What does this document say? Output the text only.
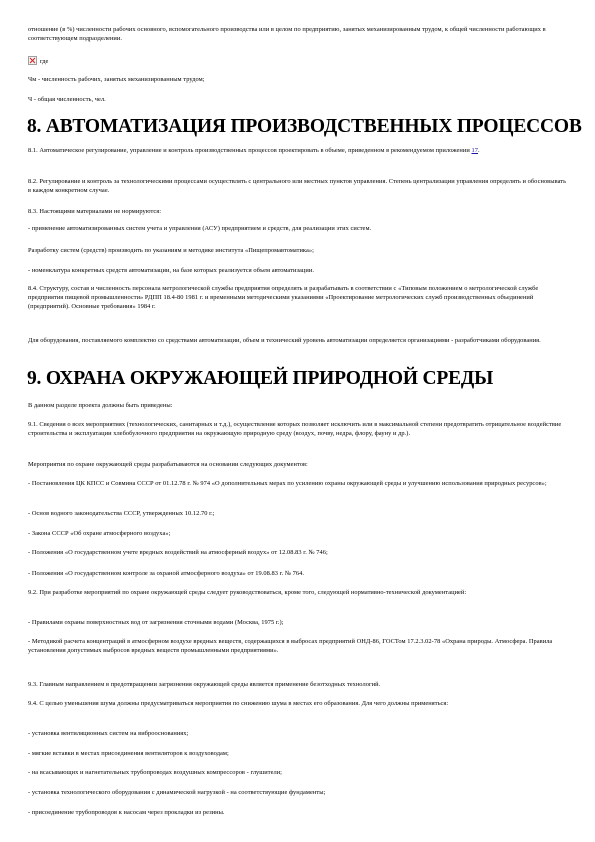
отношение (в %) численности рабочих основного, вспомогательного производства или в целом по предприятию, занятых механизированным трудом, к общей численности работающих в соответствующем подразделении.

где

Чм - численность рабочих, занятых механизированным трудом;

Ч - общая численность, чел.

8. АВТОМАТИЗАЦИЯ ПРОИЗВОДСТВЕННЫХ ПРОЦЕССОВ

8.1. Автоматическое регулирование, управление и контроль производственных процессов проектировать в объеме, приведенном в рекомендуемом приложении 17.

8.2. Регулирование и контроль за технологическими процессами осуществлять с центрального или местных пунктов управления. Степень централизации управления определять и обосновывать в каждом конкретном случае.

8.3. Настоящими материалами не нормируются:

- применение автоматизированных систем учета и управления (АСУ) предприятием и средств, для реализации этих систем.

Разработку систем (средств) производить по указаниям и методике института «Пищепромавтоматика»;

- номенклатура конкретных средств автоматизации, на базе которых реализуется объем автоматизации.

8.4. Структуру, состав и численность персонала метрологической службы предприятия определять и разрабатывать в соответствии с «Типовым положением о метрологической службе предприятия пищевой промышленности» РДПП 18.4-80 1981 г. и временными методическими указаниями «Проектирование метрологических служб производственных объединений (предприятий). Основные требования» 1984 г.

Для оборудования, поставляемого комплектно со средствами автоматизации, объем и технический уровень автоматизации определяется организациями - разработчиками оборудования.

9. ОХРАНА ОКРУЖАЮЩЕЙ ПРИРОДНОЙ СРЕДЫ

В данном разделе проекта должны быть приведены:

9.1. Сведения о всех мероприятиях (технологических, санитарных и т.д.), осуществление которых позволяет исключить или в максимальной степени предотвратить отрицательное воздействие строительства и эксплуатации хлебобулочного предприятия на окружающую природную среду (воздух, почву, недра, флору, фауну и др.).

Мероприятия по охране окружающей среды разрабатываются на основании следующих документов:

- Постановления ЦК КПСС и Совмина СССР от 01.12.78 г. № 974 «О дополнительных мерах по усилению охраны окружающей среды и улучшению использования природных ресурсов»;

- Основ водного законодательства СССР, утвержденных 10.12.70 г.;

- Закона СССР «Об охране атмосферного воздуха»;

- Положения «О государственном учете вредных воздействий на атмосферный воздух» от 12.08.83 г. № 746;

- Положения «О государственном контроле за охраной атмосферного воздуха» от 19.08.83 г. № 764.

9.2. При разработке мероприятий по охране окружающей среды следует руководствоваться, кроме того, следующей нормативно-технической документацией:

- Правилами охраны поверхностных вод от загрязнения сточными водами (Москва, 1975 г.);

- Методикой расчета концентраций в атмосферном воздухе вредных веществ, содержащихся в выбросах предприятий ОНД-86, ГОСТом 17.2.3.02-78 «Охрана природы. Атмосфера. Правила установления допустимых выбросов вредных веществ промышленными предприятиями».

9.3. Главным направлением в предотвращении загрязнения окружающей среды является применение безотходных технологий.

9.4. С целью уменьшения шума должны предусматриваться мероприятия по снижению шума в местах его образования. Для чего должны применяться:

- установка вентиляционных систем на виброоснованиях;

- мягкие вставки в местах присоединения вентиляторов к воздуховодам;

- на всасывающих и нагнетательных трубопроводах воздушных компрессоров - глушители;

- установка технологического оборудования с динамической нагрузкой - на соответствующие фундаменты;

- присоединение трубопроводов к насосам через прокладки из резины.
